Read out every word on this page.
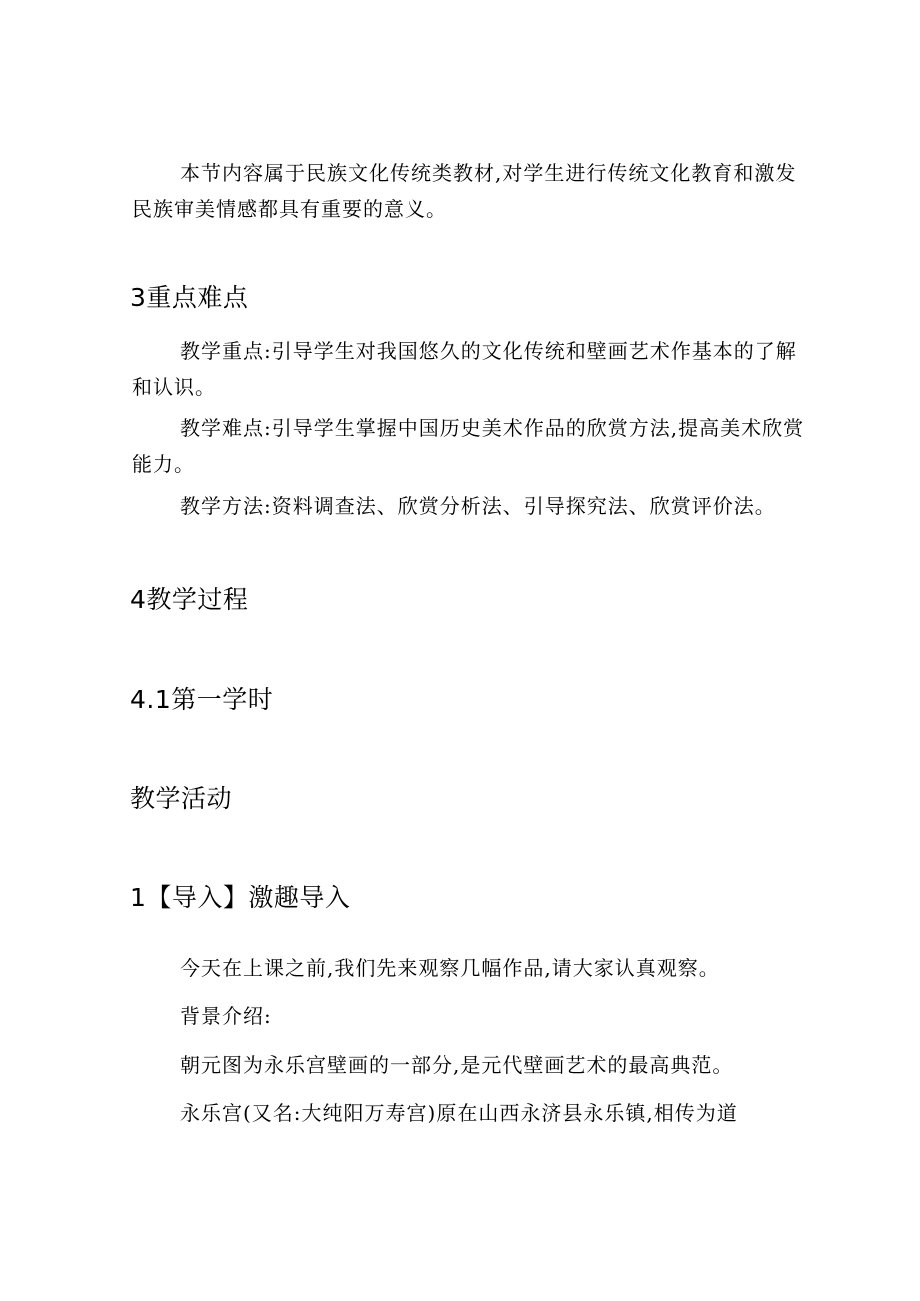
本节内容属于民族文化传统类教材,对学生进行传统文化教育和激发民族审美情感都具有重要的意义。

3重点难点

教学重点:引导学生对我国悠久的文化传统和壁画艺术作基本的了解和认识。

教学难点:引导学生掌握中国历史美术作品的欣赏方法,提高美术欣赏能力。

教学方法:资料调查法、欣赏分析法、引导探究法、欣赏评价法。

4教学过程
4.1第一学时
教学活动
1【导入】激趣导入

今天在上课之前,我们先来观察几幅作品,请大家认真观察。

背景介绍:

朝元图为永乐宫壁画的一部分,是元代壁画艺术的最高典范。

永乐宫(又名:大纯阳万寿宫)原在山西永济县永乐镇,相传为道
